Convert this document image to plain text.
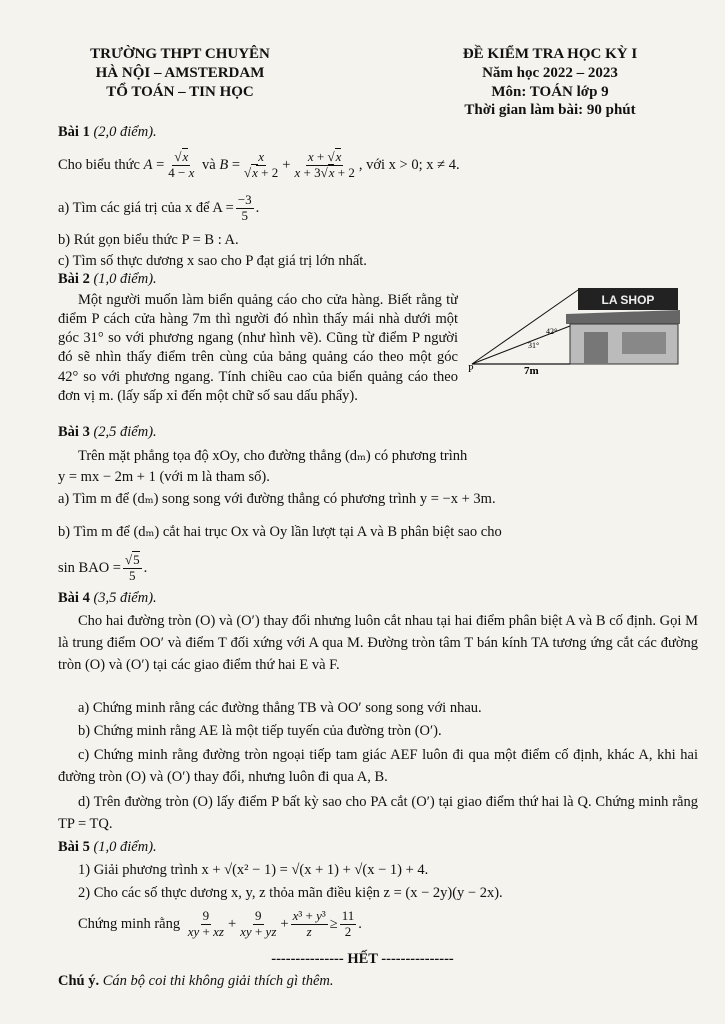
TRƯỜNG THPT CHUYÊN
HÀ NỘI – AMSTERDAM
TỔ TOÁN – TIN HỌC
ĐỀ KIỂM TRA HỌC KỲ I
Năm học 2022 – 2023
Môn: TOÁN lớp 9
Thời gian làm bài: 90 phút
Bài 1 (2,0 điểm).
Cho biểu thức
$A = \frac{√x}{4 - x}$
và
$B = \frac{x}{√x + 2} + \frac{x + √x}{x + 3√x + 2}$ , với x > 0; x ≠ 4.
a) Tìm các giá trị của x để $A = \frac{-3}{5}$ .
b) Rút gọn biểu thức P = B : A.
c) Tìm số thực dương x sao cho P đạt giá trị lớn nhất.
Bài 2 (1,0 điểm).
Một người muốn làm biển quảng cáo cho cửa hàng. Biết rằng từ điểm P cách cửa hàng 7m thì người đó nhìn thấy mái nhà dưới một góc 31° so với phương ngang (như hình vẽ). Cũng từ điểm P người đó sẽ nhìn thấy điểm trên cùng của bảng quảng cáo theo một góc 42° so với phương ngang. Tính chiều cao của biển quảng cáo theo đơn vị m. (lấy sấp xỉ đến một chữ số sau dấu phẩy).
LA SHOP
P	7m
31°
42°
Bài 3 (2,5 điểm).
Trên mặt phẳng tọa độ xOy, cho đường thẳng (dₘ) có phương trình
y = mx − 2m + 1 (với m là tham số).
a) Tìm m để (dₘ) song song với đường thẳng có phương trình y = −x + 3m.
b) Tìm m để (dₘ) cắt hai trục Ox và Oy lần lượt tại A và B phân biệt sao cho
sin BAO = $\frac{√5}{5}$ .
Bài 4 (3,5 điểm).
Cho hai đường tròn (O) và (O′) thay đổi nhưng luôn cắt nhau tại hai điểm phân biệt A và B cố định. Gọi M là trung điểm OO′ và điểm T đối xứng với A qua M. Đường tròn tâm T bán kính TA tương ứng cắt các đường tròn (O) và (O′) tại các giao điểm thứ hai E và F.
a) Chứng minh rằng các đường thẳng TB và OO′ song song với nhau.
b) Chứng minh rằng AE là một tiếp tuyến của đường tròn (O′).
c) Chứng minh rằng đường tròn ngoại tiếp tam giác AEF luôn đi qua một điểm cố định, khác A, khi hai đường tròn (O) và (O′) thay đổi, nhưng luôn đi qua A, B.
d) Trên đường tròn (O) lấy điểm P bất kỳ sao cho PA cắt (O′) tại giao điểm thứ hai là Q. Chứng minh rằng TP = TQ.
Bài 5 (1,0 điểm).
1) Giải phương trình x + √(x² − 1) = √(x + 1) + √(x − 1) + 4.
2) Cho các số thực dương x, y, z thỏa mãn điều kiện z = (x − 2y)(y − 2x).
Chứng minh rằng
$\frac{9}{xy + xz} + \frac{9}{xy + yz} + \frac{\text{x³ + y³}}{z} \ge \frac{11}{2}$ .
--------------- HẾT ---------------
Chú ý. Cán bộ coi thi không giải thích gì thêm.
